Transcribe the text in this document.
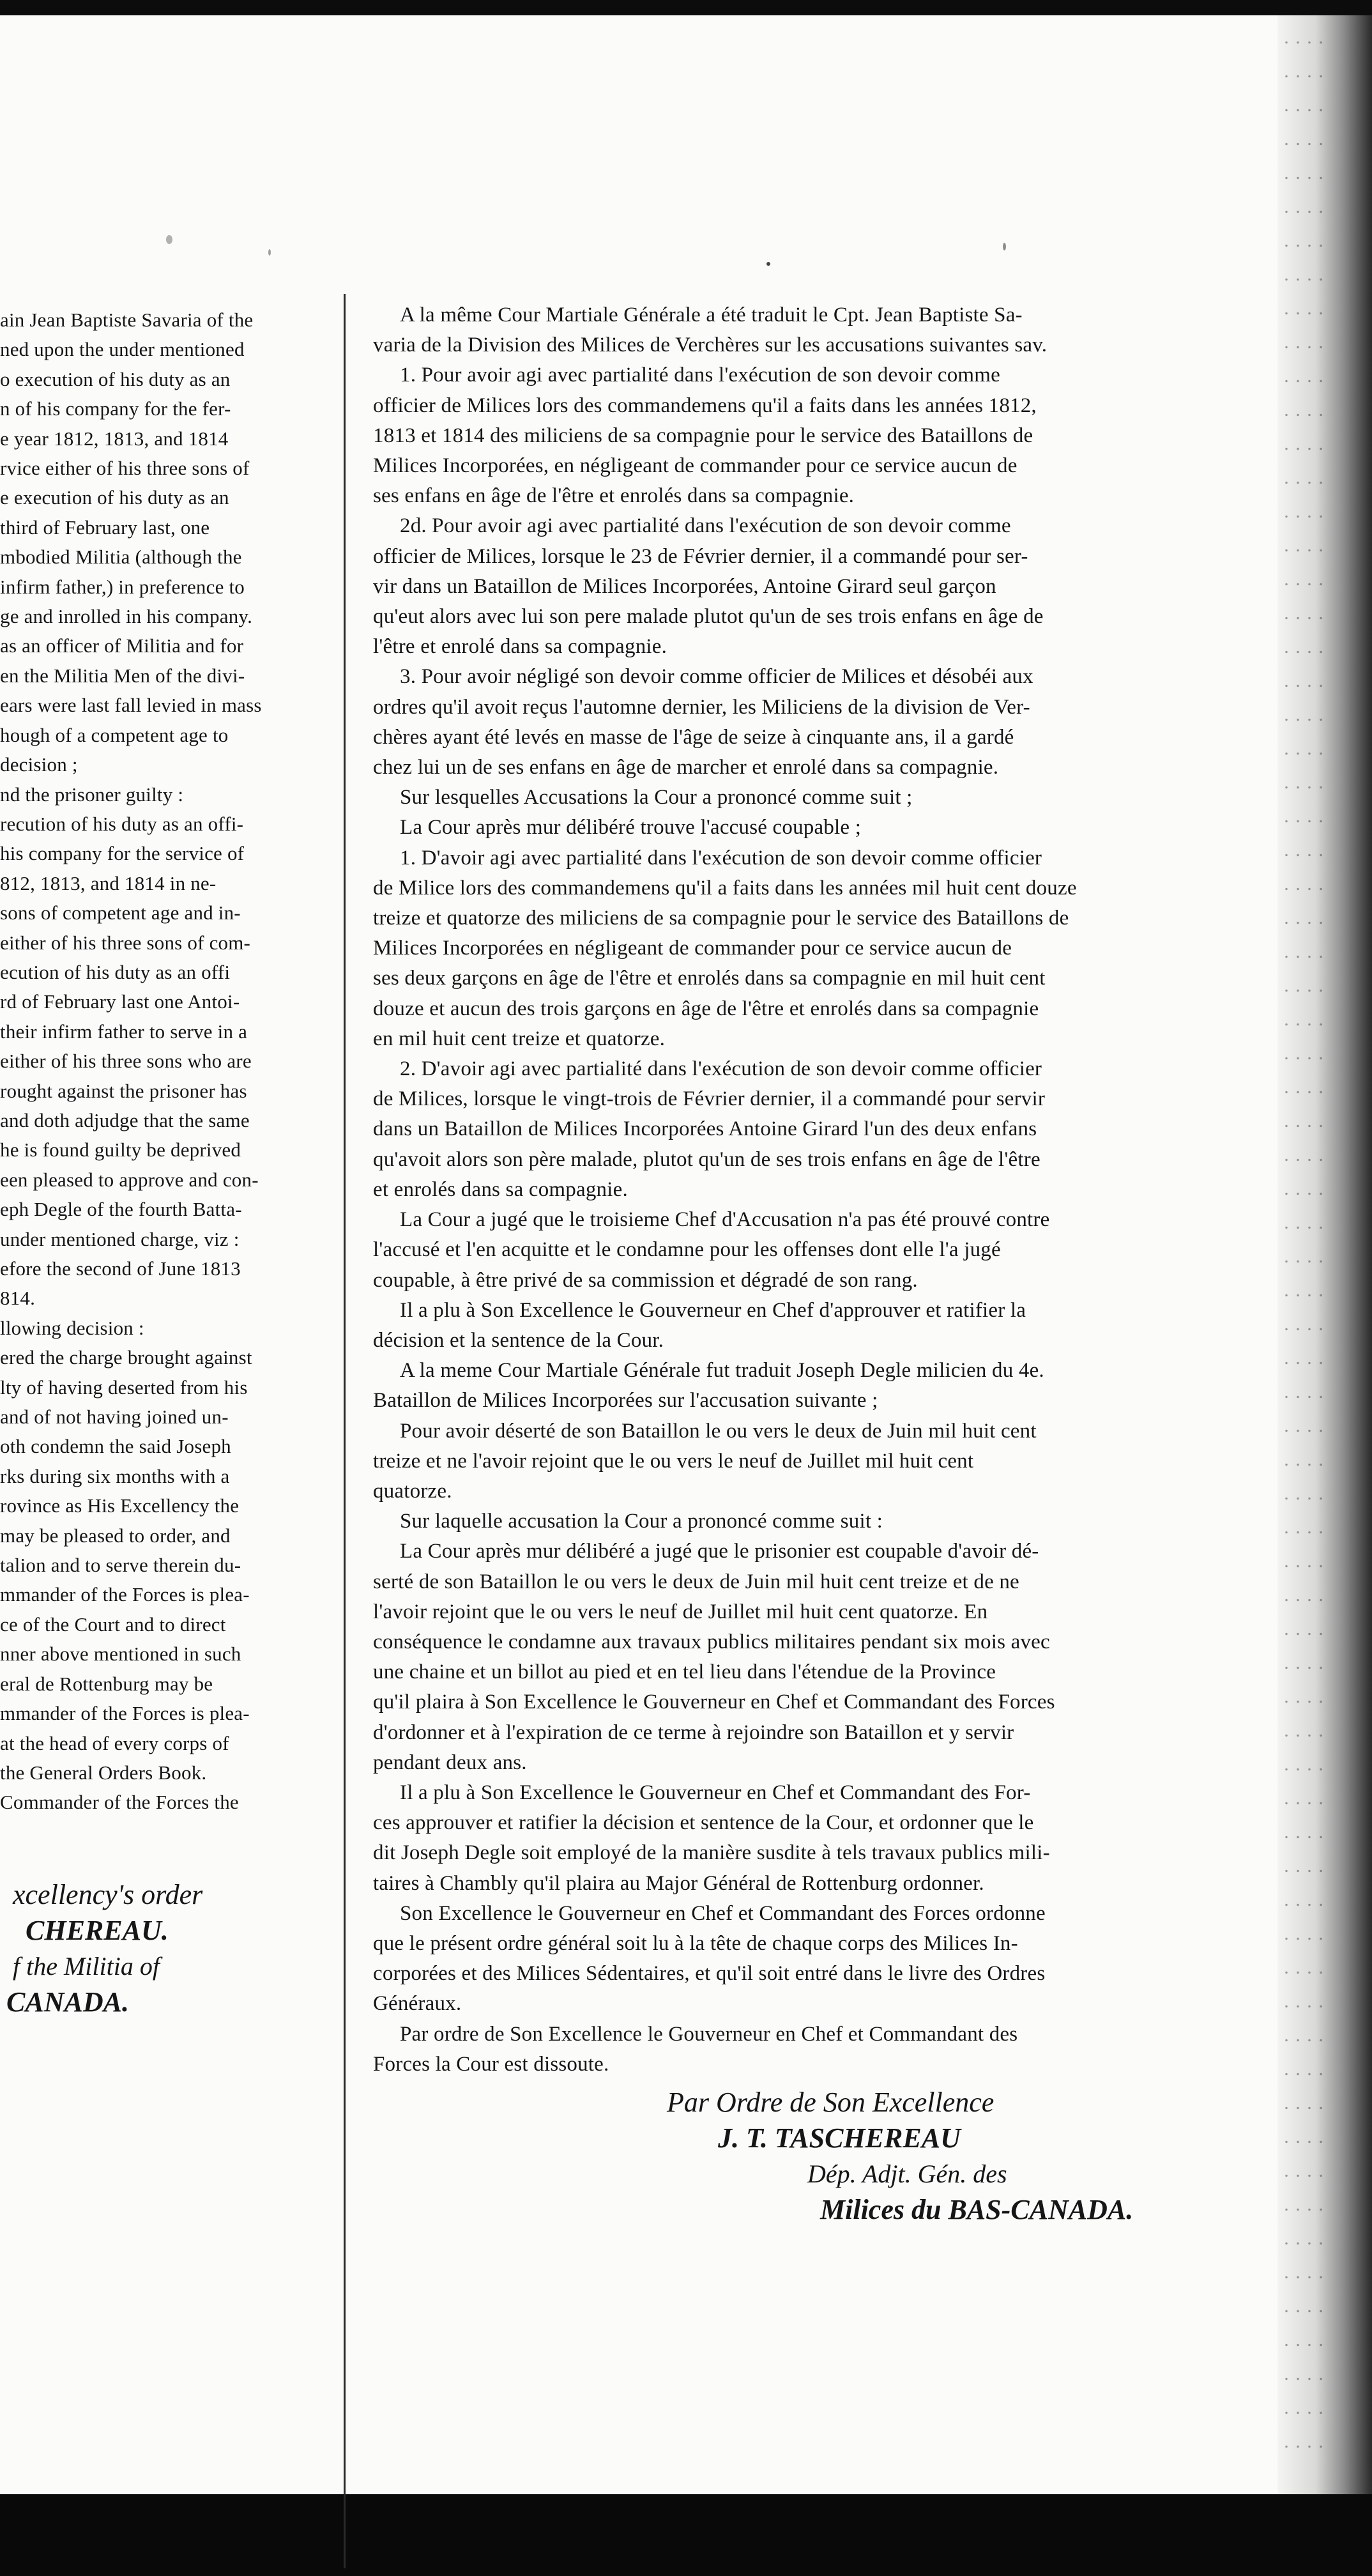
ain Jean Baptiste Savaria of the
ned upon the under mentioned
o execution of his duty as an
n of his company for the fer-
e year 1812, 1813, and 1814
rvice either of his three sons of
e execution of his duty as an
third of February last, one
mbodied Militia (although the
infirm father,) in preference to
ge and inrolled in his company.
as an officer of Militia and for
en the Militia Men of the divi-
ears were last fall levied in mass
hough of a competent age to
decision ;
nd the prisoner guilty :
recution of his duty as an offi-
his company for the service of
812, 1813, and 1814 in ne-
sons of competent age and in-
either of his three sons of com-
ecution of his duty as an offi
rd of February last one Antoi-
their infirm father to serve in a
either of his three sons who are
rought against the prisoner has
and doth adjudge that the same
he is found guilty be deprived
een pleased to approve and con-
eph Degle of the fourth Batta-
under mentioned charge, viz :
efore the second of June 1813
814.
llowing decision :
ered the charge brought against
lty of having deserted from his
and of not having joined un-
oth condemn the said Joseph
rks during six months with a
rovince as His Excellency the
may be pleased to order, and
talion and to serve therein du-
mmander of the Forces is plea-
ce of the Court and to direct
nner above mentioned in such
eral de Rottenburg may be
mmander of the Forces is plea-
at the head of every corps of
the General Orders Book.
Commander of the Forces the
xcellency's order
CHEREAU.
f the Militia of
CANADA.
A la même Cour Martiale Générale a été traduit le Cpt. Jean Baptiste Sa-
varia de la Division des Milices de Verchères sur les accusations suivantes sav.
1. Pour avoir agi avec partialité dans l'exécution de son devoir comme
officier de Milices lors des commandemens qu'il a faits dans les années 1812,
1813 et 1814 des miliciens de sa compagnie pour le service des Bataillons de
Milices Incorporées, en négligeant de commander pour ce service aucun de
ses enfans en âge de l'être et enrolés dans sa compagnie.
2d. Pour avoir agi avec partialité dans l'exécution de son devoir comme
officier de Milices, lorsque le 23 de Février dernier, il a commandé pour ser-
vir dans un Bataillon de Milices Incorporées, Antoine Girard seul garçon
qu'eut alors avec lui son pere malade plutot qu'un de ses trois enfans en âge de
l'être et enrolé dans sa compagnie.
3. Pour avoir négligé son devoir comme officier de Milices et désobéi aux
ordres qu'il avoit reçus l'automne dernier, les Miliciens de la division de Ver-
chères ayant été levés en masse de l'âge de seize à cinquante ans, il a gardé
chez lui un de ses enfans en âge de marcher et enrolé dans sa compagnie.
Sur lesquelles Accusations la Cour a prononcé comme suit ;
La Cour après mur délibéré trouve l'accusé coupable ;
1. D'avoir agi avec partialité dans l'exécution de son devoir comme officier
de Milice lors des commandemens qu'il a faits dans les années mil huit cent douze
treize et quatorze des miliciens de sa compagnie pour le service des Bataillons de
Milices Incorporées en négligeant de commander pour ce service aucun de
ses deux garçons en âge de l'être et enrolés dans sa compagnie en mil huit cent
douze et aucun des trois garçons en âge de l'être et enrolés dans sa compagnie
en mil huit cent treize et quatorze.
2. D'avoir agi avec partialité dans l'exécution de son devoir comme officier
de Milices, lorsque le vingt-trois de Février dernier, il a commandé pour servir
dans un Bataillon de Milices Incorporées Antoine Girard l'un des deux enfans
qu'avoit alors son père malade, plutot qu'un de ses trois enfans en âge de l'être
et enrolés dans sa compagnie.
La Cour a jugé que le troisieme Chef d'Accusation n'a pas été prouvé contre
l'accusé et l'en acquitte et le condamne pour les offenses dont elle l'a jugé
coupable, à être privé de sa commission et dégradé de son rang.
Il a plu à Son Excellence le Gouverneur en Chef d'approuver et ratifier la
décision et la sentence de la Cour.
A la meme Cour Martiale Générale fut traduit Joseph Degle milicien du 4e.
Bataillon de Milices Incorporées sur l'accusation suivante ;
Pour avoir déserté de son Bataillon le ou vers le deux de Juin mil huit cent
treize et ne l'avoir rejoint que le ou vers le neuf de Juillet mil huit cent
quatorze.
Sur laquelle accusation la Cour a prononcé comme suit :
La Cour après mur délibéré a jugé que le prisonier est coupable d'avoir dé-
serté de son Bataillon le ou vers le deux de Juin mil huit cent treize et de ne
l'avoir rejoint que le ou vers le neuf de Juillet mil huit cent quatorze. En
conséquence le condamne aux travaux publics militaires pendant six mois avec
une chaine et un billot au pied et en tel lieu dans l'étendue de la Province
qu'il plaira à Son Excellence le Gouverneur en Chef et Commandant des Forces
d'ordonner et à l'expiration de ce terme à rejoindre son Bataillon et y servir
pendant deux ans.
Il a plu à Son Excellence le Gouverneur en Chef et Commandant des For-
ces approuver et ratifier la décision et sentence de la Cour, et ordonner que le
dit Joseph Degle soit employé de la manière susdite à tels travaux publics mili-
taires à Chambly qu'il plaira au Major Général de Rottenburg ordonner.
Son Excellence le Gouverneur en Chef et Commandant des Forces ordonne
que le présent ordre général soit lu à la tête de chaque corps des Milices In-
corporées et des Milices Sédentaires, et qu'il soit entré dans le livre des Ordres
Généraux.
Par ordre de Son Excellence le Gouverneur en Chef et Commandant des
Forces la Cour est dissoute.
Par Ordre de Son Excellence
J. T. TASCHEREAU
Dép. Adjt. Gén. des
Milices du BAS-CANADA.
